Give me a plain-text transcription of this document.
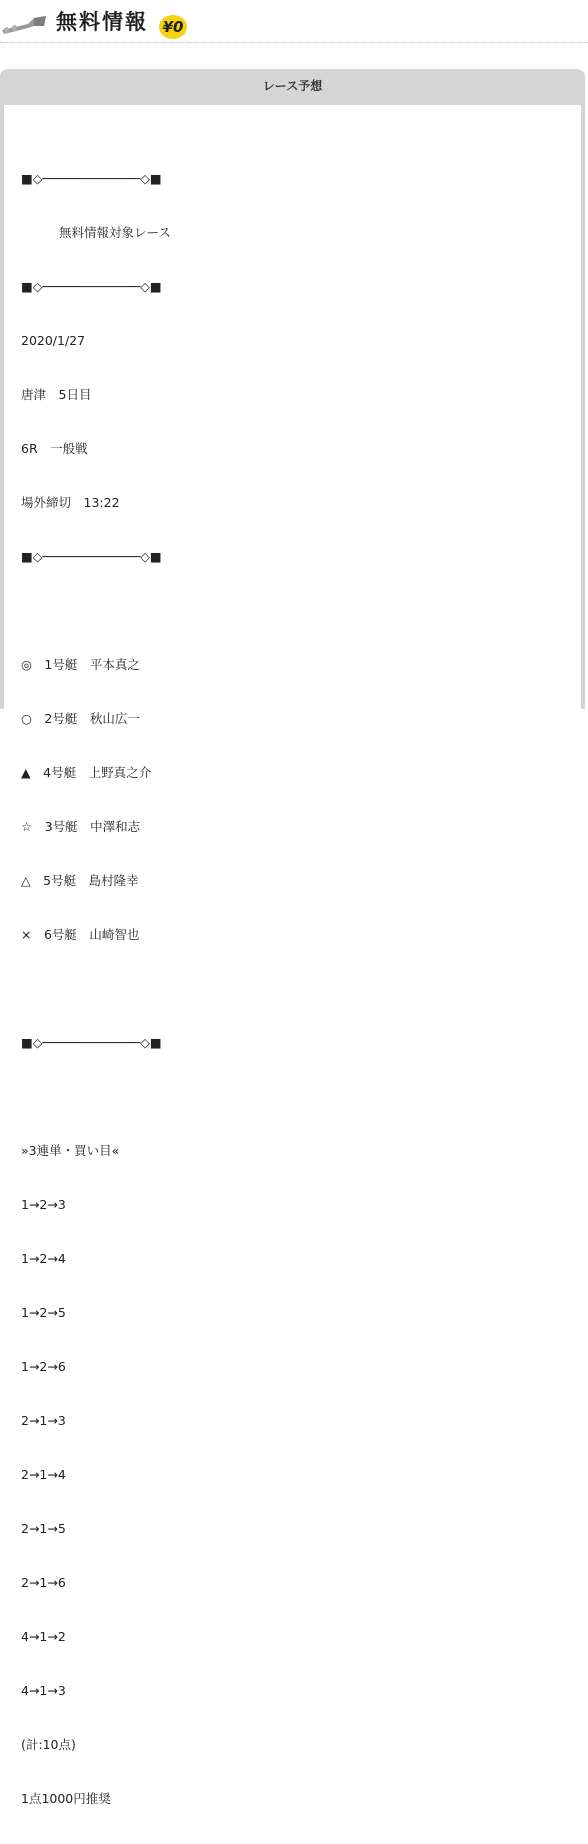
無料情報 ¥0
レース予想

■◇─────────────◇■

無料情報対象レース

■◇─────────────◇■

2020/1/27

唐津　5日目

6R　一般戦

場外締切　13:22

■◇─────────────◇■

◎　1号艇　平本真之

○　2号艇　秋山広一

▲　4号艇　上野真之介

☆　3号艇　中澤和志

△　5号艇　島村隆幸

×　6号艇　山崎智也

■◇─────────────◇■

»3連単・買い目«

1→2→3

1→2→4

1→2→5

1→2→6

2→1→3

2→1→4

2→1→5

2→1→6

4→1→2

4→1→3

(計:10点)

1点1000円推奨
